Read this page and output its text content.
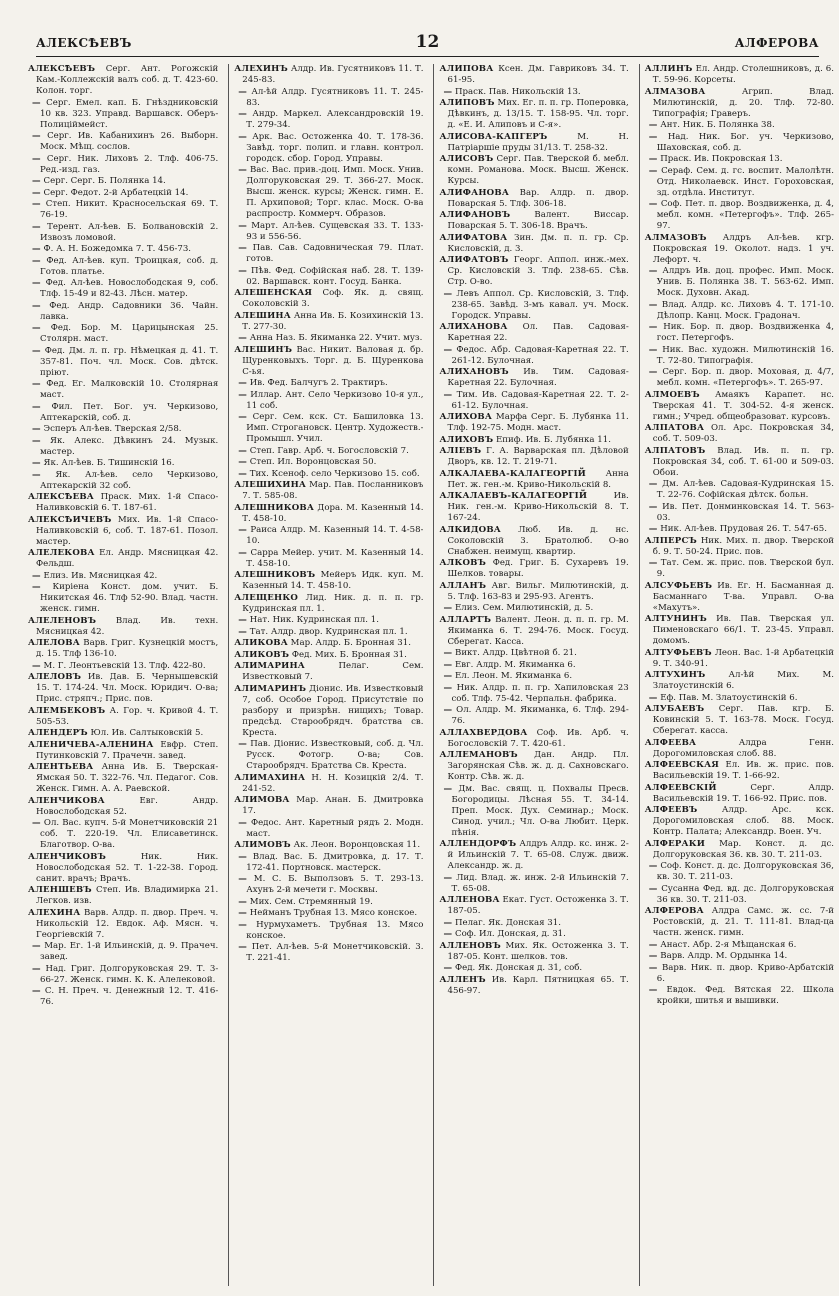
АЛЕКСѢЕВЪ	12	АЛФЕРОВА
АЛЕКСѢЕВЪ Серг. Ант. Рогожскій Кам.-Коллежскій валъ соб. д. Т. 423-60. Колон. торг.
— Серг. Емел. кап. Б. Гнѣздниковскій 10 кв. 323. Управд. Варшавск. Оберъ-Полиціймейст.
— Серг. Ив. Кабанихинъ 26. Выборн. Моск. Мѣщ. сослов.
— Серг. Ник. Лиховъ 2. Тлф. 406-75. Ред.-изд. газ.
— Серг. Серг. Б. Полянка 14.
— Серг. Федот. 2-й Арбатецкій 14.
— Степ. Никит. Красносельская 69. Т. 76-19.
— Терент. Ал-ѣев. Б. Болвановскій 2. Извозъ ломовой.
— Ф. А. Н. Божедомка 7. Т. 456-73.
— Фед. Ал-ѣев. куп. Троицкая, соб. д. Готов. платье.
— Фед. Ал-ѣев. Новослободская 9, соб. Тлф. 15-49 и 82-43. Лѣсн. матер.
— Фед. Андр. Садовники 36. Чайн. лавка.
— Фед. Бор. М. Царицынская 25. Столярн. маст.
— Фед. Дм. л. п. гр. Нѣмецкая д. 41. Т. 357-81. Поч. чл. Моск. Сов. дѣтск. пріют.
— Фед. Ег. Малковскій 10. Столярная маст.
— Фил. Пет. Бог. уч. Черкизово, Аптекарскій, соб. д.
— Эсперъ Ал-ѣев. Тверская 2/58.
— Як. Алекс. Дѣвкинъ 24. Музык. мастер.
— Як. Ал-ѣев. Б. Тишинскій 16.
— Як. Ал-ѣев. село Черкизово, Аптекарскій 32 соб.
АЛЕКСѢЕВА Праск. Мих. 1-й Спасо-Наливковскій 6. Т. 187-61.
АЛЕКСѢИЧЕВЪ Мих. Ив. 1-й Спасо-Наливковскій 6, соб. Т. 187-61. Позол. мастер.
АЛЕЛЕКОВА Ел. Андр. Мясницкая 42. Фельдш.
— Елиз. Ив. Мясницкая 42.
— Киріена Конст. дом. учит. Б. Никитская 46. Тлф 52-90. Влад. частн. женск. гимн.
АЛЕЛЕНОВЪ Влад. Ив. техн. Мясницкая 42.
АЛЕЛОВА Варв. Григ. Кузнецкій мостъ, д. 15. Тлф 136-10.
— М. Г. Леонтьевскій 13. Тлф. 422-80.
АЛЕЛОВЪ Ив. Дав. Б. Чернышевскій 15. Т. 174-24. Чл. Моск. Юридич. О-ва; Прис. стряпч.; Прис. пов.
АЛЕМБЕКОВЪ А. Гор. ч. Кривой 4. Т. 505-53.
АЛЕНДЕРЪ Юл. Ив. Салтыковскій 5.
АЛЕНИЧЕВА-АЛЕНИНА Евфр. Степ. Путинковскій 7. Прачечн. завед.
АЛЕНТЬЕВА Анна Ив. Б. Тверская-Ямская 50. Т. 322-76. Чл. Педагог. Сов. Женск. Гимн. А. А. Раевской.
АЛЕНЧИКОВА	Евг. Андр. Новослободская 52.
— Ол. Вас. купч. 5-й Монетчиковскій 21 соб. Т. 220-19. Чл. Елисаветинск. Благотвор. О-ва.
АЛЕНЧИКОВЪ	Ник. Ник. Новослободская 52. Т. 1-22-38. Город. санит. врачъ; Врачъ.
АЛЕНШЕВЪ Степ. Ив. Владимирка 21. Легков. изв.
АЛЕХИНА Варв. Алдр. п. двор. Преч. ч. Никольскій 12. Евдок. Аф. Мясн. ч. Георгіевскій 7.
— Мар. Ег. 1-й Ильинскій, д. 9. Прачеч. завед.
— Над. Григ. Долгоруковская 29. Т. 3-66-27. Женск. гимн. К. К. Алелековой.
— С. Н. Преч. ч. Денежный 12. Т. 416-76.
АЛЕХИНЪ Алдр. Ив. Гусятниковъ 11. Т. 245-83.
— Ал-ѣй Алдр. Гусятниковъ 11. Т. 245-83.
— Андр. Маркел. Александровскій 19. Т. 279-34.
— Арк. Вас. Остоженка 40. Т. 178-36. Завѣд. торг. полип. и главн. контрол. городск. сбор. Город. Управы.
— Вас. Вас. прив.-доц. Имп. Моск. Унив. Долгоруковская 29. Т. 366-27. Моск. Высш. женск. курсы; Женск. гимн. Е. П. Архиповой; Торг. клас. Моск. О-ва распростр. Коммерч. Образов.
— Март. Ал-ѣев. Сущевская 33. Т. 133-93 и 556-56.
— Пав. Сав. Садовническая 79. Плат. готов.
— Пѣв. Фед. Софійская наб. 28. Т. 139-02. Варшавск. конт. Госуд. Банка.
АЛЕШЕНСКАЯ Соф. Як. д. свящ. Соколовскій 3.
АЛЕШИНА Анна Ив. Б. Козихинскій 13. Т. 277-30.
— Анна Наз. Б. Якиманка 22. Учит. муз.
АЛЕШИНЪ Вас. Никит. Валовая д. бр. Щуренковыхъ. Торг. д. Б. Щуренкова С-ья.
— Ив. Фед. Балчугъ 2. Трактиръ.
— Иллар. Ант. Село Черкизово 10-я ул., 11 соб.
— Серг. Сем. кск. Ст. Башиловка 13. Имп. Строгановск. Центр. Художеств.-Промышл. Учил.
— Степ. Гавр. Арб. ч. Богословскій 7.
— Степ. Ил. Воронцовская 50.
— Тих. Ксеноф. село Черкизово 15. соб.
АЛЕШИХИНА Мар. Пав. Посланниковъ 7. Т. 585-08.
АЛЕШНИКОВА Дора. М. Казенный 14. Т. 458-10.
— Раиса Алдр. М. Казенный 14. Т. 4-58-10.
— Сарра Мейер. учит. М. Казенный 14. Т. 458-10.
АЛЕШНИКОВЪ Мейеръ Идк. куп. М. Казенный 14. Т. 458-10.
АЛЕЩЕНКО Лид. Ник. д. п. п. гр. Кудринская пл. 1.
— Нат. Ник. Кудринская пл. 1.
— Тат. Алдр. двор. Кудринская пл. 1.
АЛИКОВА Мар. Алдр. Б. Бронная 31.
АЛИКОВЪ Фед. Мих. Б. Бронная 31.
АЛИМАРИНА	Пелаг. Сем. Известковый 7.
АЛИМАРИНЪ Діонис. Ив. Известковый 7, соб. Особое Город. Присутствіе по разбору и призрѣн. нищихъ; Товар. предсѣд. Старообрядч. братства св. Креста.
— Пав. Діонис. Известковый, соб. д. Чл. Русск. Фотогр. О-ва; Сов. Старообрядч. Братства Св. Креста.
АЛИМАХИНА Н. Н. Козицкій 2/4. Т. 241-52.
АЛИМОВА Мар. Анан. Б. Дмитровка 17.
— Федос. Ант. Каретный рядъ 2. Модн. маст.
АЛИМОВЪ Ак. Леон. Воронцовская 11.
— Влад. Вас. Б. Дмитровка, д. 17. Т. 172-41. Портновск. мастерск.
— М. С. Б. Выползовъ 5. Т. 293-13. Ахунъ 2-й мечети г. Москвы.
— Мих. Сем. Стремянный 19.
— Нейманъ Трубная 13. Мясо конское.
— Нурмухаметъ. Трубная 13. Мясо конское.
— Пет. Ал-ѣев. 5-й Монетчиковскій. 3. Т. 221-41.
АЛИПОВА Ксен. Дм. Гавриковъ 34. Т. 61-95.
— Праск. Пав. Никольскій 13.
АЛИПОВЪ Мих. Ег. п. п. гр. Поперовка, Дѣвкинъ, д. 13/15. Т. 158-95. Чл. торг. д. «Е. И. Алиповъ и С-я».
АЛИСОВА-КАПГЕРЪ	М. Н. Патріаршіе пруды 31/13. Т. 258-32.
АЛИСОВЪ Серг. Пав. Тверской б. мебл. комн. Романова. Моск. Высш. Женск. Курсы.
АЛИФАНОВА Вар. Алдр. п. двор. Поварская 5. Тлф. 306-18.
АЛИФАНОВЪ	Валент. Виссар. Поварская 5. Т. 306-18. Врачъ.
АЛИФАТОВА Зин. Дм. п. п. гр. Ср. Кисловскій, д. 3.
АЛИФАТОВЪ Георг. Аппол. инж.-мех. Ср. Кисловскій 3. Тлф. 238-65. Сѣв. Стр. О-во.
— Левъ Аппол. Ср. Кисловскій, 3. Тлф. 238-65. Завѣд. 3-мъ кавал. уч. Моск. Городск. Управы.
АЛИХАНОВА Ол. Пав. Садовая-Каретная 22.
— Федос. Абр. Садовая-Каретная 22. Т. 261-12. Булочная.
АЛИХАНОВЪ Ив. Тим. Садовая-Каретная 22. Булочная.
— Тим. Ив. Садовая-Каретная 22. Т. 2-61-12. Булочная.
АЛИХОВА Марфа Серг. Б. Лубянка 11. Тлф. 192-75. Модн. маст.
АЛИХОВЪ Епиф. Ив. Б. Лубянка 11.
АЛІЕВЪ Г. А. Варварская пл. Дѣловой Дворъ, кв. 12. Т. 219-71.
АЛКАЛАЕВА-КАЛАГЕОРГІЙ Анна Пет. ж. ген.-м. Криво-Никольскій 8.
АЛКАЛАЕВЪ-КАЛАГЕОРГІЙ	Ив. Ник. ген.-м. Криво-Никольскій 8. Т. 167-24.
АЛКИДОВА Люб. Ив. д. нс. Соколовскій 3. Братолюб. О-во Снабжен. неимущ. квартир.
АЛКОВЪ Фед. Григ. Б. Сухаревъ 19. Шелков. товары.
АЛЛАНЪ Авг. Вильг. Милютинскій, д. 5. Тлф. 163-83 и 295-93. Агентъ.
— Елиз. Сем. Милютинскій, д. 5.
АЛЛАРТЪ Валент. Леон. д. п. п. гр. М. Якиманка 6. Т. 294-76. Моск. Госуд. Сберегат. Касса.
— Викт. Алдр. Цвѣтной б. 21.
— Евг. Алдр. М. Якиманка 6.
— Ел. Леон. М. Якиманка 6.
— Ник. Алдр. п. п. гр. Хапиловская 23 соб. Тлф. 75-42. Черпальн. фабрика.
— Ол. Алдр. М. Якиманка, 6. Тлф. 294-76.
АЛЛАХВЕРДОВА Соф. Ив. Арб. ч. Богословскій 7. Т. 420-61.
АЛЛЕМАНОВЪ Дан. Андр. Пл. Загорянская Сѣв. ж. д. д. Сахновскаго. Контр. Сѣв. ж. д.
— Дм. Вас. свящ. ц. Похвалы Пресв. Богородицы. Лѣсная 55. Т. 34-14. Преп. Моск. Дух. Семинар.; Моск. Синод. учил.; Чл. О-ва Любит. Церк. пѣнія.
АЛЛЕНДОРФЪ Алдръ Алдр. кс. инж. 2-й Ильинскій 7. Т. 65-08. Служ. движ. Александр. ж. д.
— Лид. Влад. ж. инж. 2-й Ильинскій 7. Т. 65-08.
АЛЛЕНОВА Екат. Густ. Остоженка 3. Т. 187-05.
— Пелаг. Як. Донская 31.
— Соф. Ил. Донская, д. 31.
АЛЛЕНОВЪ Мих. Як. Остоженка 3. Т. 187-05. Конт. шелков. тов.
— Фед. Як. Донская д. 31, соб.
АЛЛЕНЪ Ив. Карл. Пятницкая 65. Т. 456-97.
АЛЛИНЪ Ел. Андр. Столешниковъ, д. 6. Т. 59-96. Корсеты.
АЛМАЗОВА	Агрип. Влад. Милютинскій, д. 20. Тлф. 72-80. Типографія; Граверъ.
— Ант. Ник. Б. Полянка 38.
— Над. Ник. Бог. уч. Черкизово, Шаховская, соб. д.
— Праск. Ив. Покровская 13.
— Сераф. Сем. д. гс. воспит. Малолѣтн. Отд. Николаевск. Инст. Гороховская, зд. отдѣла. Институт.
— Соф. Пет. п. двор. Воздвиженка, д. 4, мебл. комн. «Петергофъ». Тлф. 265-97.
АЛМАЗОВЪ Алдръ Ал-ѣев. кгр. Покровская 19. Околот. надз. 1 уч. Лефорт. ч.
— Алдръ Ив. доц. профес. Имп. Моск. Унив. Б. Полянка 38. Т. 563-62. Имп. Моск. Духовн. Акад.
— Влад. Алдр. кс. Лиховъ 4. Т. 171-10. Дѣлопр. Канц. Моск. Градонач.
— Ник. Бор. п. двор. Воздвиженка 4, гост. Петергофъ.
— Ник. Вас. художн. Милютинскій 16. Т. 72-80. Типографія.
— Серг. Бор. п. двор. Моховая, д. 4/7, мебл. комн. «Петергофъ». Т. 265-97.
АЛМОЕВЪ Амаякъ Карапет. нс. Тверская 41. Т. 304-52. 4-я женск. гимн.; Учред. общеобразоват. курсовъ.
АЛПАТОВА Ол. Арс. Покровская 34, соб. Т. 509-03.
АЛПАТОВЪ Влад. Ив. п. п. гр. Покровская 34, соб. Т. 61-00 и 509-03. Обои.
— Дм. Ал-ѣев. Садовая-Кудринская 15. Т. 22-76. Софійская дѣтск. больн.
— Ив. Пет. Донминковская 14. Т. 563-03.
— Ник. Ал-ѣев. Прудовая 26. Т. 547-65.
АЛПЕРСЪ Ник. Мих. п. двор. Тверской б. 9. Т. 50-24. Прис. пов.
— Тат. Сем. ж. прис. пов. Тверской бул. 9.
АЛСУФЬЕВЪ Ив. Ег. Н. Басманная д. Басманнаго Т-ва. Управл. О-ва «Махутъ».
АЛТУНИНЪ Ив. Пав. Тверская ул. Пименовскаго 66/1. Т. 23-45. Управл. домомъ.
АЛТУФЬЕВЪ Леон. Вас. 1-й Арбатецкій 9. Т. 340-91.
АЛТУХИНЪ	Ал-ѣй Мих. М. Златоустинскій 6.
— Еф. Пав. М. Златоустинскій 6.
АЛУБАЕВЪ Серг. Пав. кгр. Б. Ковинскій 5. Т. 163-78. Моск. Госуд. Сберегат. касса.
АЛФЕЕВА	Алдра Генн. Дорогомиловская слоб. 88.
АЛФЕЕВСКАЯ Ел. Ив. ж. прис. пов. Васильевскій 19. Т. 1-66-92.
АЛФЕЕВСКІЙ	Серг. Алдр. Васильевскій 19. Т. 166-92. Прис. пов.
АЛФЕЕВЪ	Алдр. Арс. кск. Дорогомиловская слоб. 88. Моск. Контр. Палата; Александр. Воен. Уч.
АЛФЕРАКИ Мар. Конст. д. дс. Долгоруковская 36. кв. 30. Т. 211-03.
— Соф. Конст. д. дс. Долгоруковская 36, кв. 30. Т. 211-03.
— Сусанна Фед. вд. дс. Долгоруковская 36 кв. 30. Т. 211-03.
АЛФЕРОВА Алдра Самс. ж. сс. 7-й Ростовскій, д. 21. Т. 111-81. Влад-ца частн. женск. гимн.
— Анаст. Абр. 2-я Мѣщанская 6.
— Варв. Алдр. М. Ордынка 14.
— Варв. Ник. п. двор. Криво-Арбатскій 6.
— Евдок. Фед. Вятская 22. Школа кройки, шитья и вышивки.
